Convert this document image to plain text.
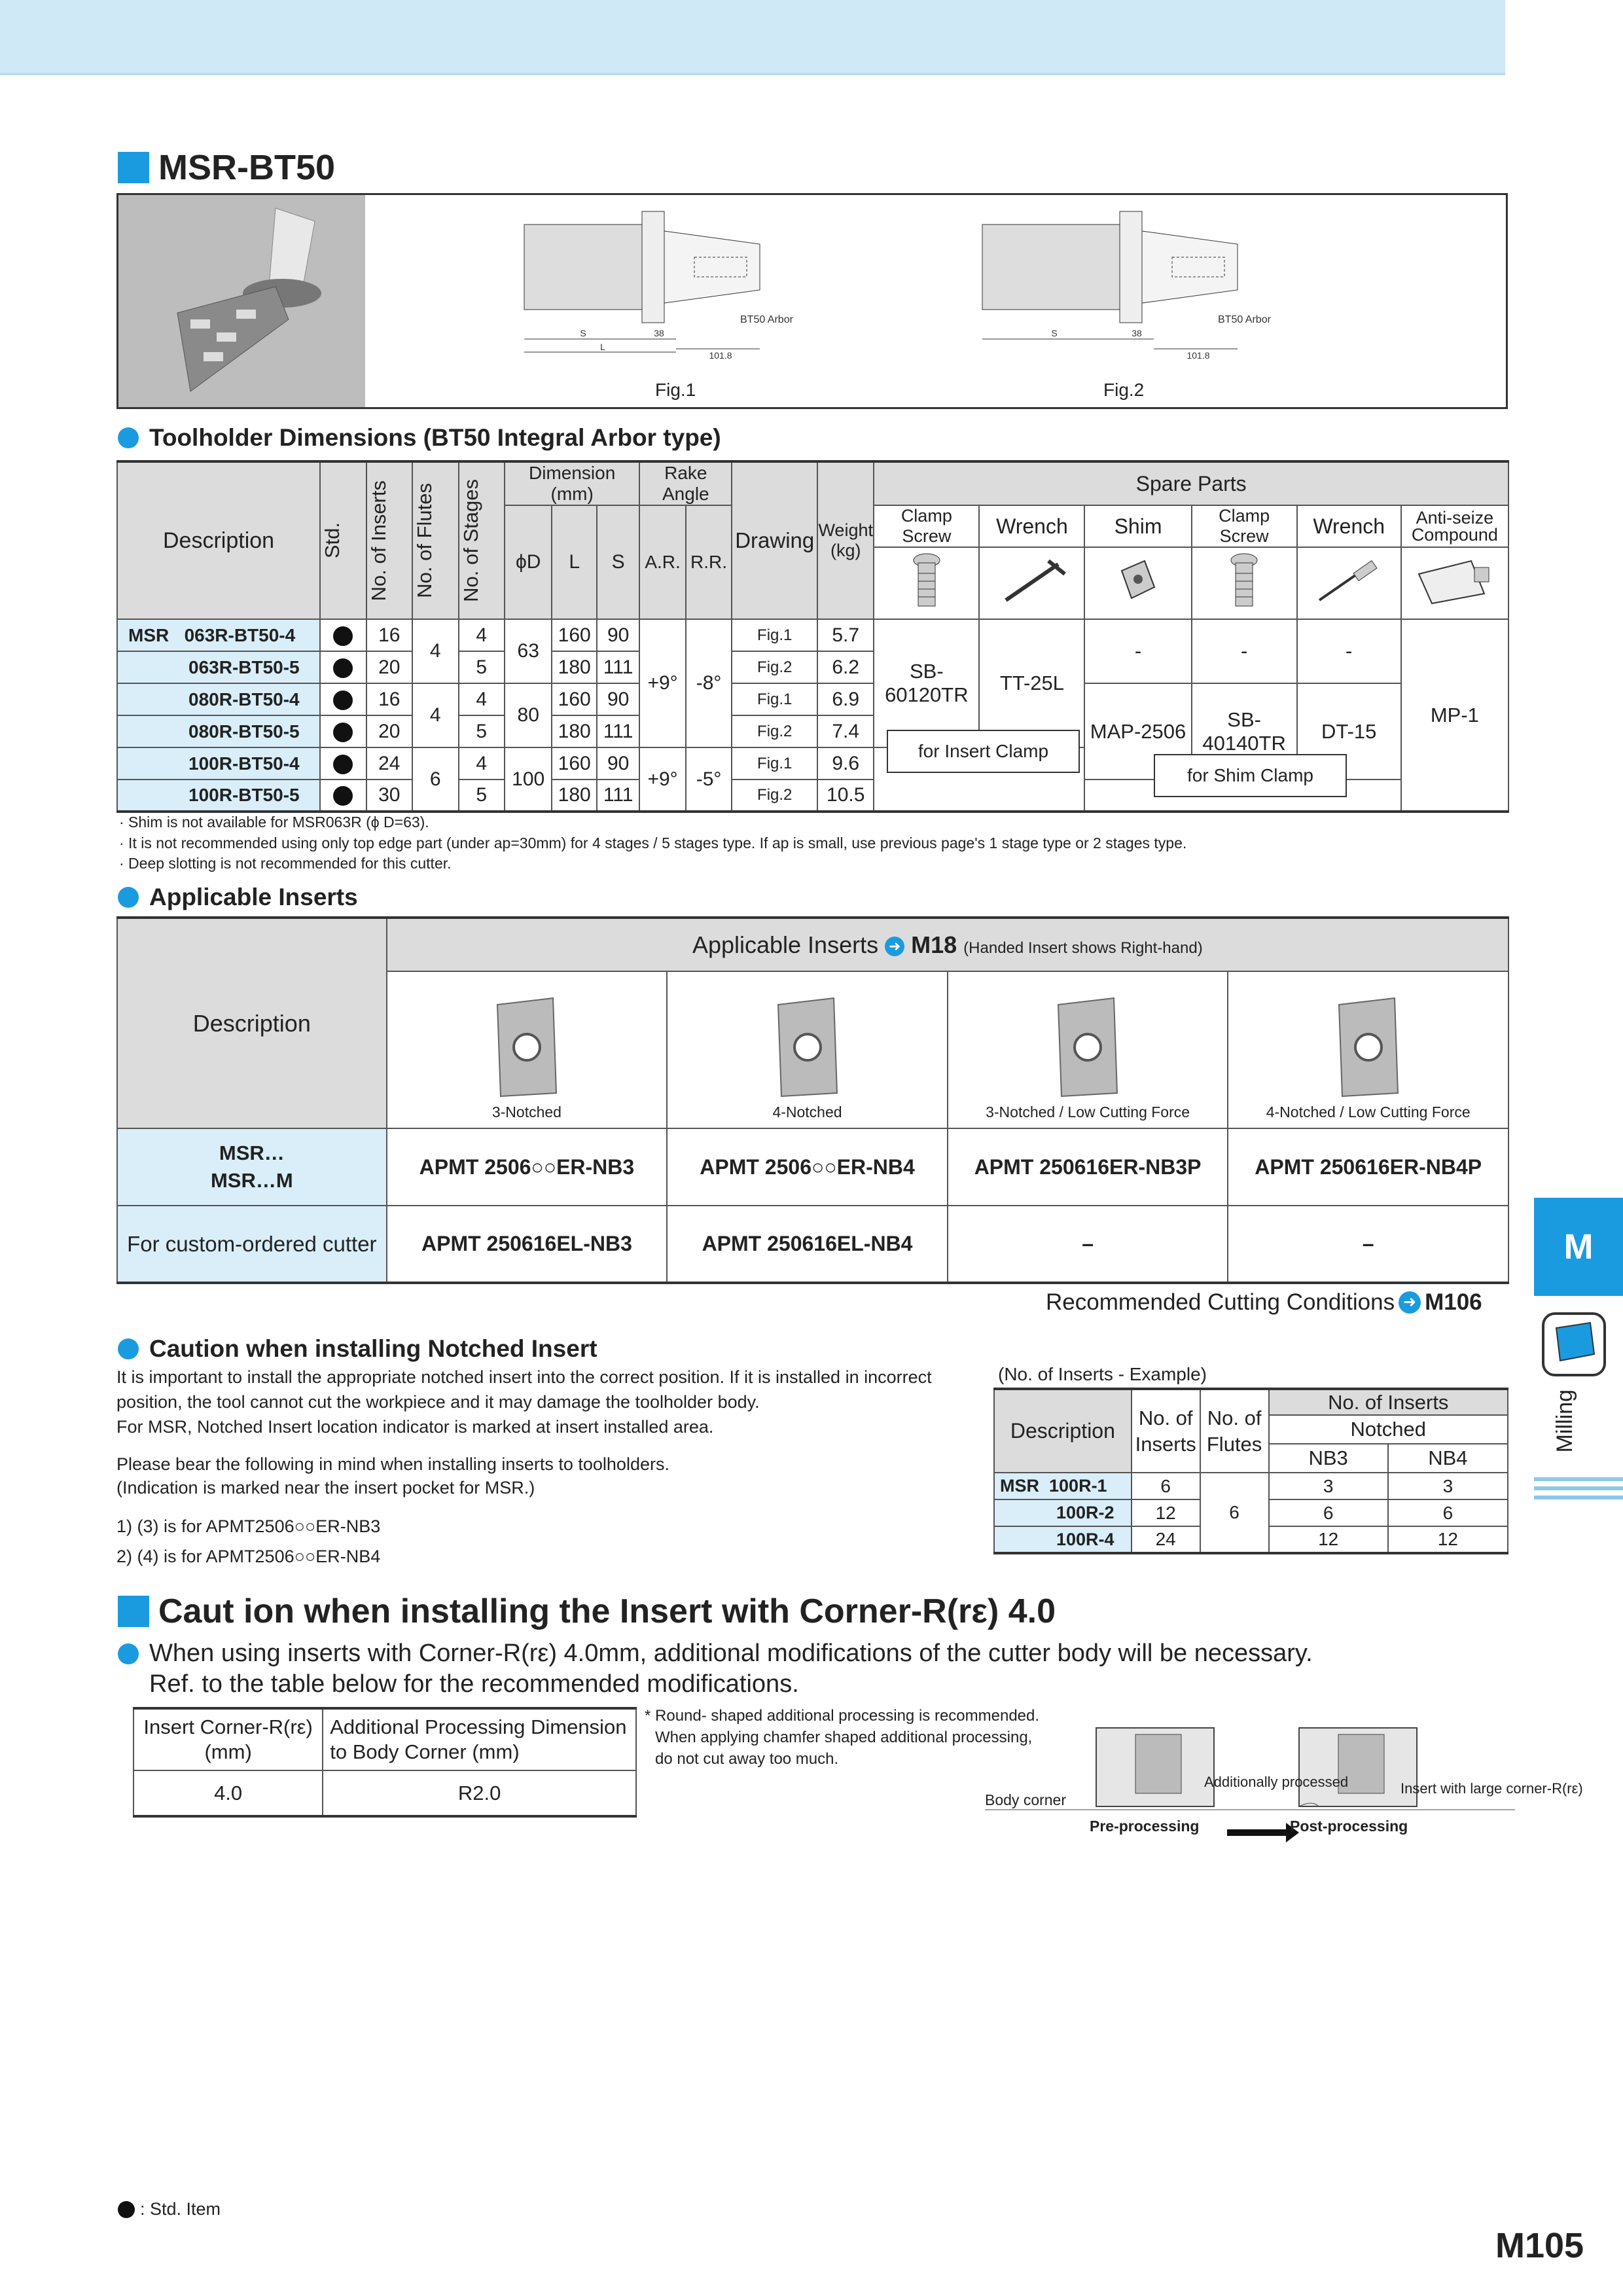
MSR-BT50
S	38
101.8
L
BT50 Arbor
Fig.1
S	38
101.8
BT50 Arbor
Fig.2
Toolholder Dimensions (BT50 Integral Arbor type)
Description	Std.	No. of Inserts	No. of Flutes	No. of Stages	Dimension (mm)			Rake Angle		Drawing	Weight (kg)	Spare Parts					
					ϕD	L	S	A.R.	R.R.			Clamp Screw	Wrench	Shim	Clamp Screw	Wrench	Anti-seize Compound

MSR 063R-BT50-4		16	4	4	63	160	90	+9°	-8°	Fig.1	5.7	SB-60120TR	TT-25L	-	-	-	MP-1
063R-BT50-5		20		5		180	111			Fig.2	6.2						
080R-BT50-4		16	4	4	80	160	90			Fig.1	6.9			MAP-2506	SB-40140TR	DT-15	
080R-BT50-5		20		5		180	111			Fig.2	7.4						
100R-BT50-4		24	6	4	100	160	90	+9°	-5°	Fig.1	9.6						
100R-BT50-5		30		5		180	111			Fig.2	10.5						
for Insert Clamp
for Shim Clamp
· Shim is not available for MSR063R (ϕ D=63).
· It is not recommended using only top edge part (under ap=30mm) for 4 stages / 5 stages type. If ap is small, use previous page's 1 stage type or 2 stages type.
· Deep slotting is not recommended for this cutter.
Applicable Inserts
Description	Applicable Inserts ➜ M18 (Handed Insert shows Right-hand)			

	3-Notched	4-Notched	3-Notched / Low Cutting Force	4-Notched / Low Cutting Force

MSR…
MSR…M	APMT 2506○○ER-NB3	APMT 2506○○ER-NB4	APMT 250616ER-NB3P	APMT 250616ER-NB4P
For custom-ordered cutter	APMT 250616EL-NB3	APMT 250616EL-NB4	–	–
Recommended Cutting Conditions ➜ M106
Caution when installing Notched Insert
It is important to install the appropriate notched insert into the correct position. If it is installed in incorrect position, the tool cannot cut the workpiece and it may damage the toolholder body.
For MSR, Notched Insert location indicator is marked at insert installed area.
Please bear the following in mind when installing inserts to toolholders.
(Indication is marked near the insert pocket for MSR.)
1) (3) is for APMT2506○○ER-NB3
2) (4) is for APMT2506○○ER-NB4
(No. of Inserts - Example)
Description	No. of Inserts	No. of Flutes	No. of Inserts	
			Notched	
			NB3	NB4
MSR 100R-1	6	6	3	3
100R-2	12		6	6
100R-4	24		12	12
Caut ion when installing the Insert with Corner-R(rε) 4.0
When using inserts with Corner-R(rε) 4.0mm, additional modifications of the cutter body will be necessary.
Ref. to the table below for the recommended modifications.
Insert Corner-R(rε) (mm)	Additional Processing Dimension to Body Corner (mm)
4.0	R2.0
* Round- shaped additional processing is recommended.
When applying chamfer shaped additional processing,
do not cut away too much.
Body corner
Additionally processed	Insert with large corner-R(rε)
Pre-processing	Post-processing
M
Milling
: Std. Item
M105
